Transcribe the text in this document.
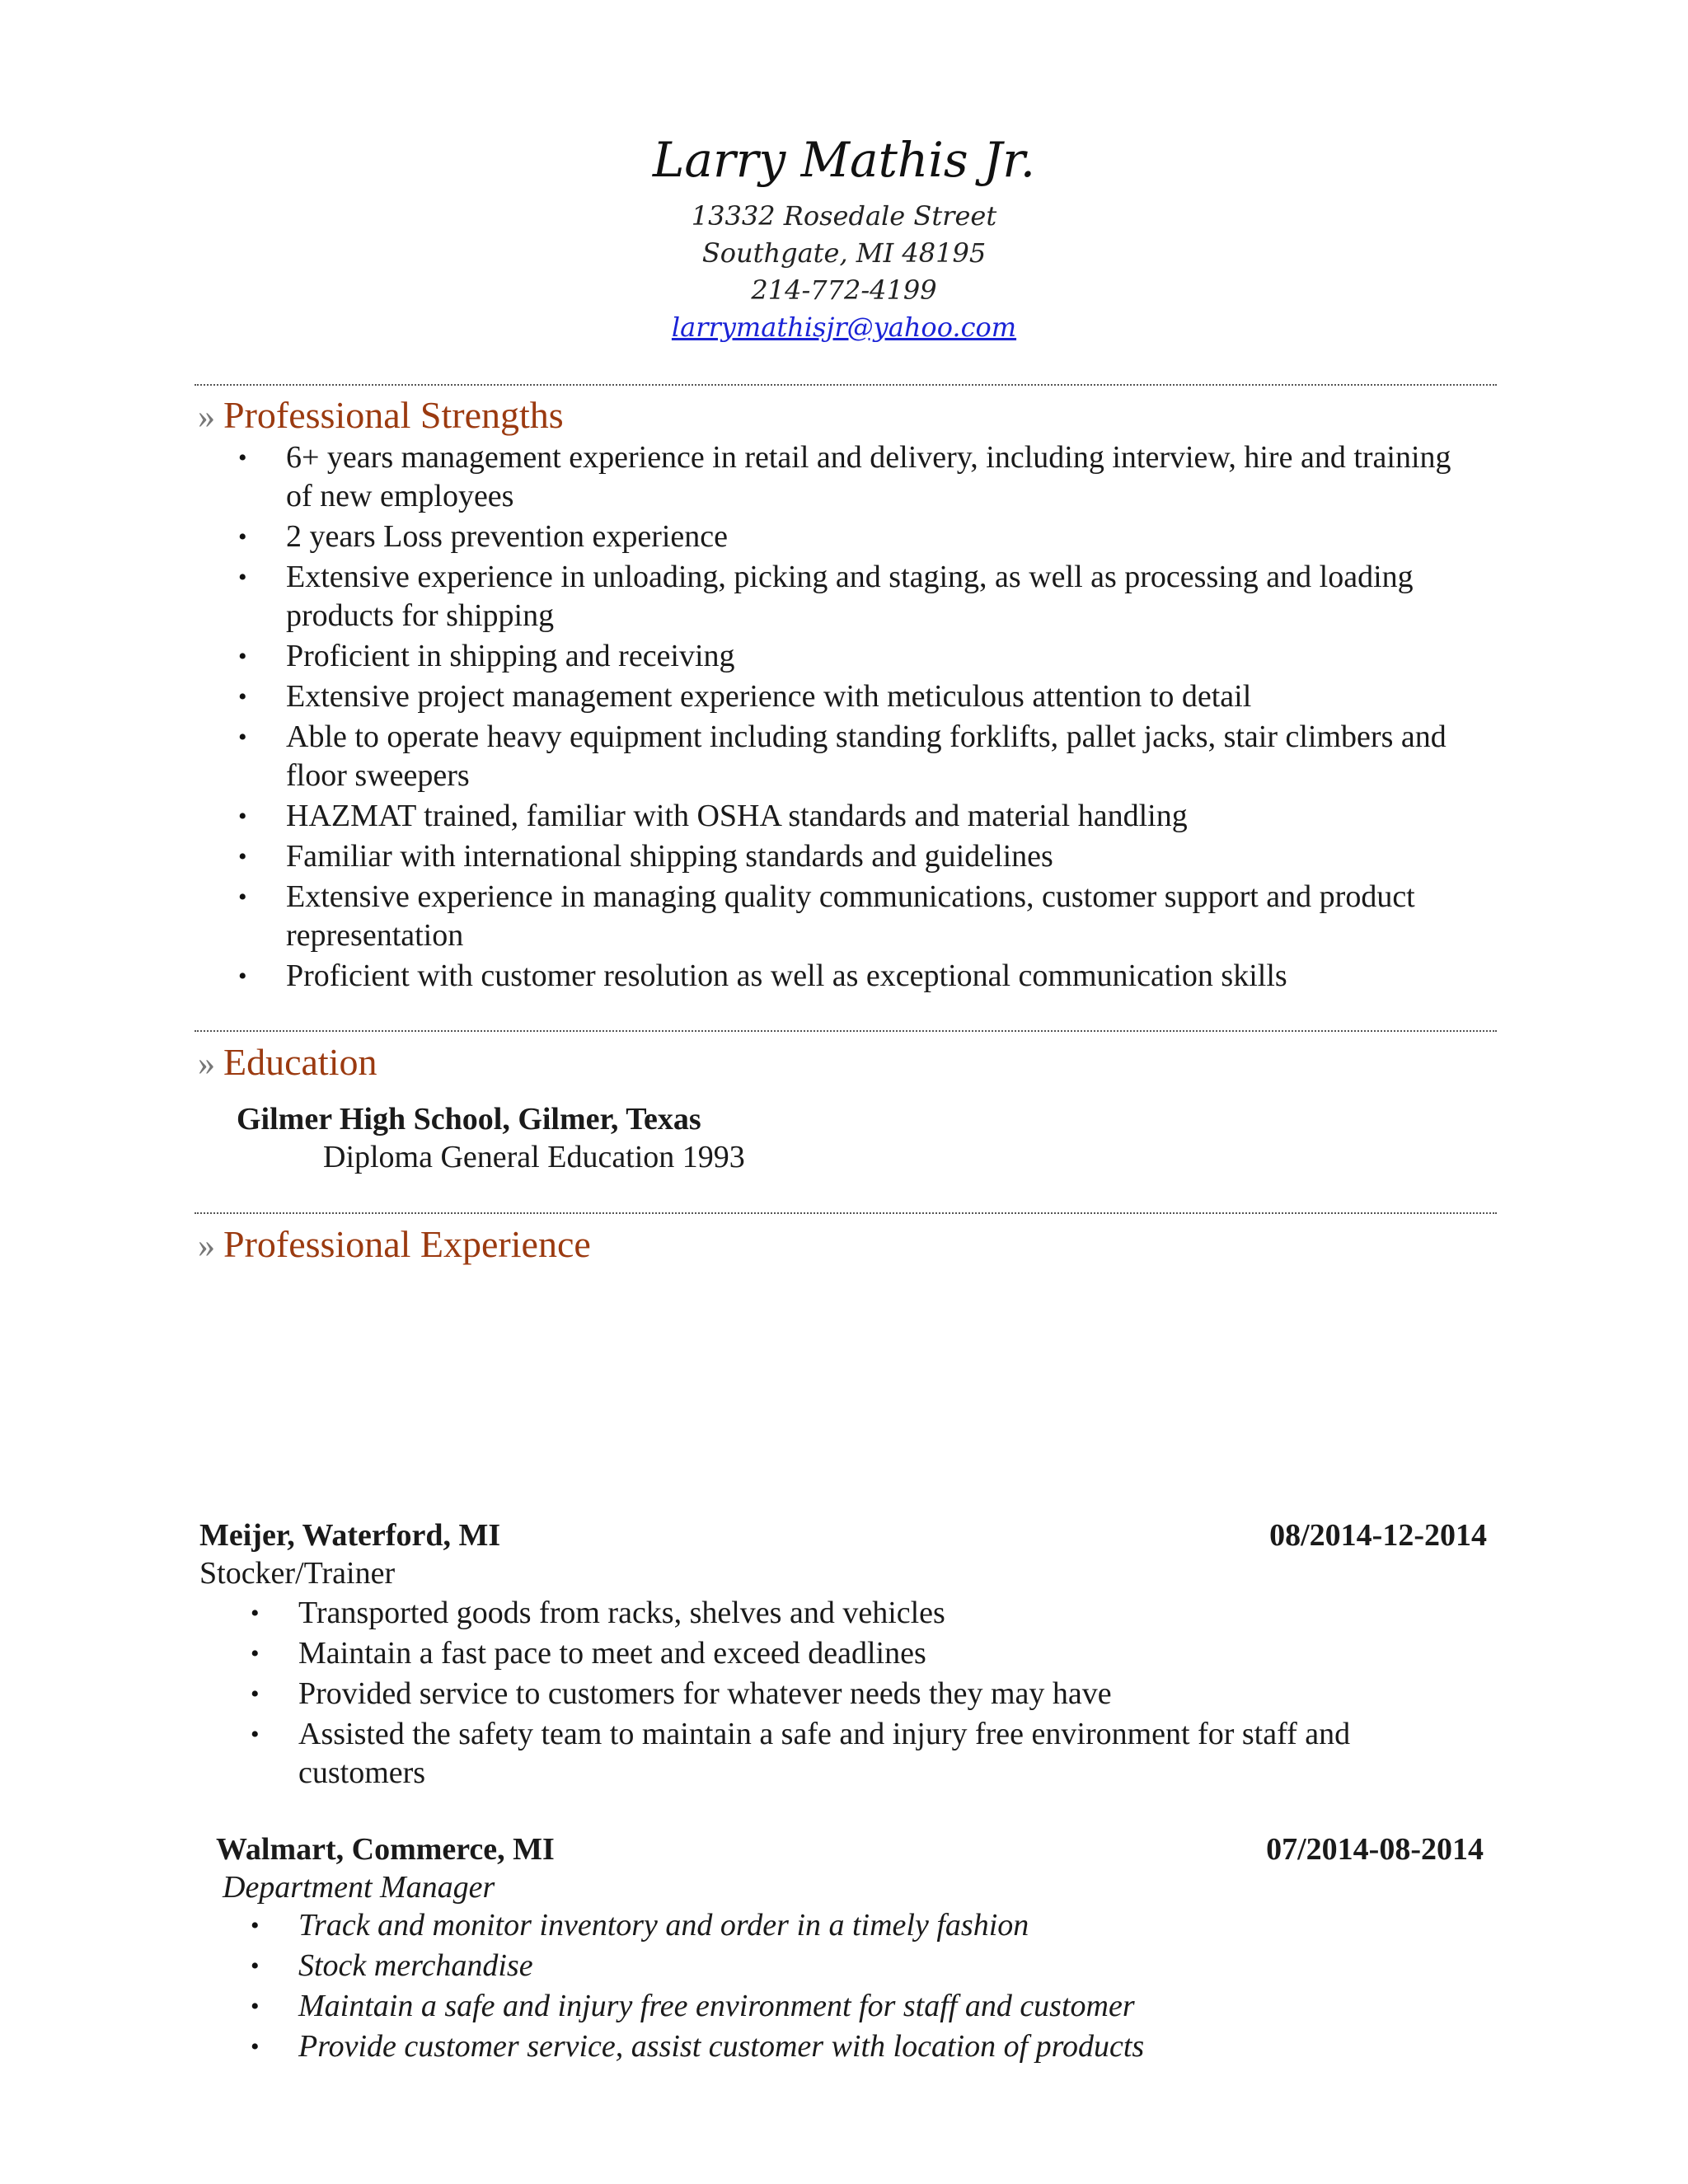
Larry Mathis Jr.
13332 Rosedale Street
Southgate, MI 48195
214-772-4199
larrymathisjr@yahoo.com
» Professional Strengths
• 6+ years management experience in retail and delivery, including interview, hire and training of new employees
• 2 years Loss prevention experience
• Extensive experience in unloading, picking and staging, as well as processing and loading products for shipping
• Proficient in shipping and receiving
• Extensive project management experience with meticulous attention to detail
• Able to operate heavy equipment including standing forklifts, pallet jacks, stair climbers and floor sweepers
• HAZMAT trained, familiar with OSHA standards and material handling
• Familiar with international shipping standards and guidelines
• Extensive experience in managing quality communications, customer support and product representation
• Proficient with customer resolution as well as exceptional communication skills
» Education
Gilmer High School, Gilmer, Texas
Diploma General Education 1993
» Professional Experience
Meijer, Waterford, MI	08/2014-12-2014
Stocker/Trainer
• Transported goods from racks, shelves and vehicles
• Maintain a fast pace to meet and exceed deadlines
• Provided service to customers for whatever needs they may have
• Assisted the safety team to maintain a safe and injury free environment for staff and customers
Walmart, Commerce, MI	07/2014-08-2014
Department Manager
• Track and monitor inventory and order in a timely fashion
• Stock merchandise
• Maintain a safe and injury free environment for staff and customer
• Provide customer service, assist customer with location of products
